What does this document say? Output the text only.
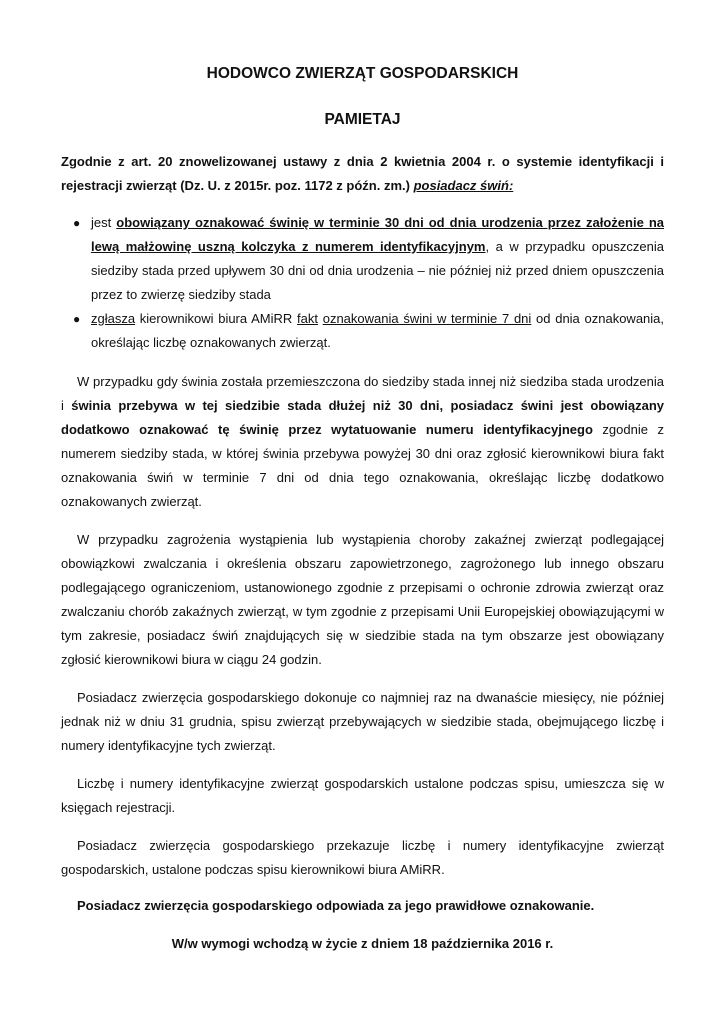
HODOWCO ZWIERZĄT GOSPODARSKICH
PAMIETAJ
Zgodnie z art. 20 znowelizowanej ustawy z dnia 2 kwietnia 2004 r. o systemie identyfikacji i rejestracji zwierząt (Dz. U. z 2015r. poz. 1172 z późn. zm.) posiadacz świń:
● jest obowiązany oznakować świnię w terminie 30 dni od dnia urodzenia przez założenie na lewą małżowinę uszną kolczyka z numerem identyfikacyjnym, a w przypadku opuszczenia siedziby stada przed upływem 30 dni od dnia urodzenia – nie później niż przed dniem opuszczenia przez to zwierzę siedziby stada
● zgłasza kierownikowi biura AMiRR fakt oznakowania świni w terminie 7 dni od dnia oznakowania, określając liczbę oznakowanych zwierząt.

W przypadku gdy świnia została przemieszczona do siedziby stada innej niż siedziba stada urodzenia i świnia przebywa w tej siedzibie stada dłużej niż 30 dni, posiadacz świni jest obowiązany dodatkowo oznakować tę świnię przez wytatuowanie numeru identyfikacyjnego zgodnie z numerem siedziby stada, w której świnia przebywa powyżej 30 dni oraz zgłosić kierownikowi biura fakt oznakowania świń w terminie 7 dni od dnia tego oznakowania, określając liczbę dodatkowo oznakowanych zwierząt.

W przypadku zagrożenia wystąpienia lub wystąpienia choroby zakaźnej zwierząt podlegającej obowiązkowi zwalczania i określenia obszaru zapowietrzonego, zagrożonego lub innego obszaru podlegającego ograniczeniom, ustanowionego zgodnie z przepisami o ochronie zdrowia zwierząt oraz zwalczaniu chorób zakaźnych zwierząt, w tym zgodnie z przepisami Unii Europejskiej obowiązującymi w tym zakresie, posiadacz świń znajdujących się w siedzibie stada na tym obszarze jest obowiązany zgłosić kierownikowi biura w ciągu 24 godzin.

Posiadacz zwierzęcia gospodarskiego dokonuje co najmniej raz na dwanaście miesięcy, nie później jednak niż w dniu 31 grudnia, spisu zwierząt przebywających w siedzibie stada, obejmującego liczbę i numery identyfikacyjne tych zwierząt.

Liczbę i numery identyfikacyjne zwierząt gospodarskich ustalone podczas spisu, umieszcza się w księgach rejestracji.

Posiadacz zwierzęcia gospodarskiego przekazuje liczbę i numery identyfikacyjne zwierząt gospodarskich, ustalone podczas spisu kierownikowi biura AMiRR.

Posiadacz zwierzęcia gospodarskiego odpowiada za jego prawidłowe oznakowanie.

W/w wymogi wchodzą w życie z dniem 18 października 2016 r.
